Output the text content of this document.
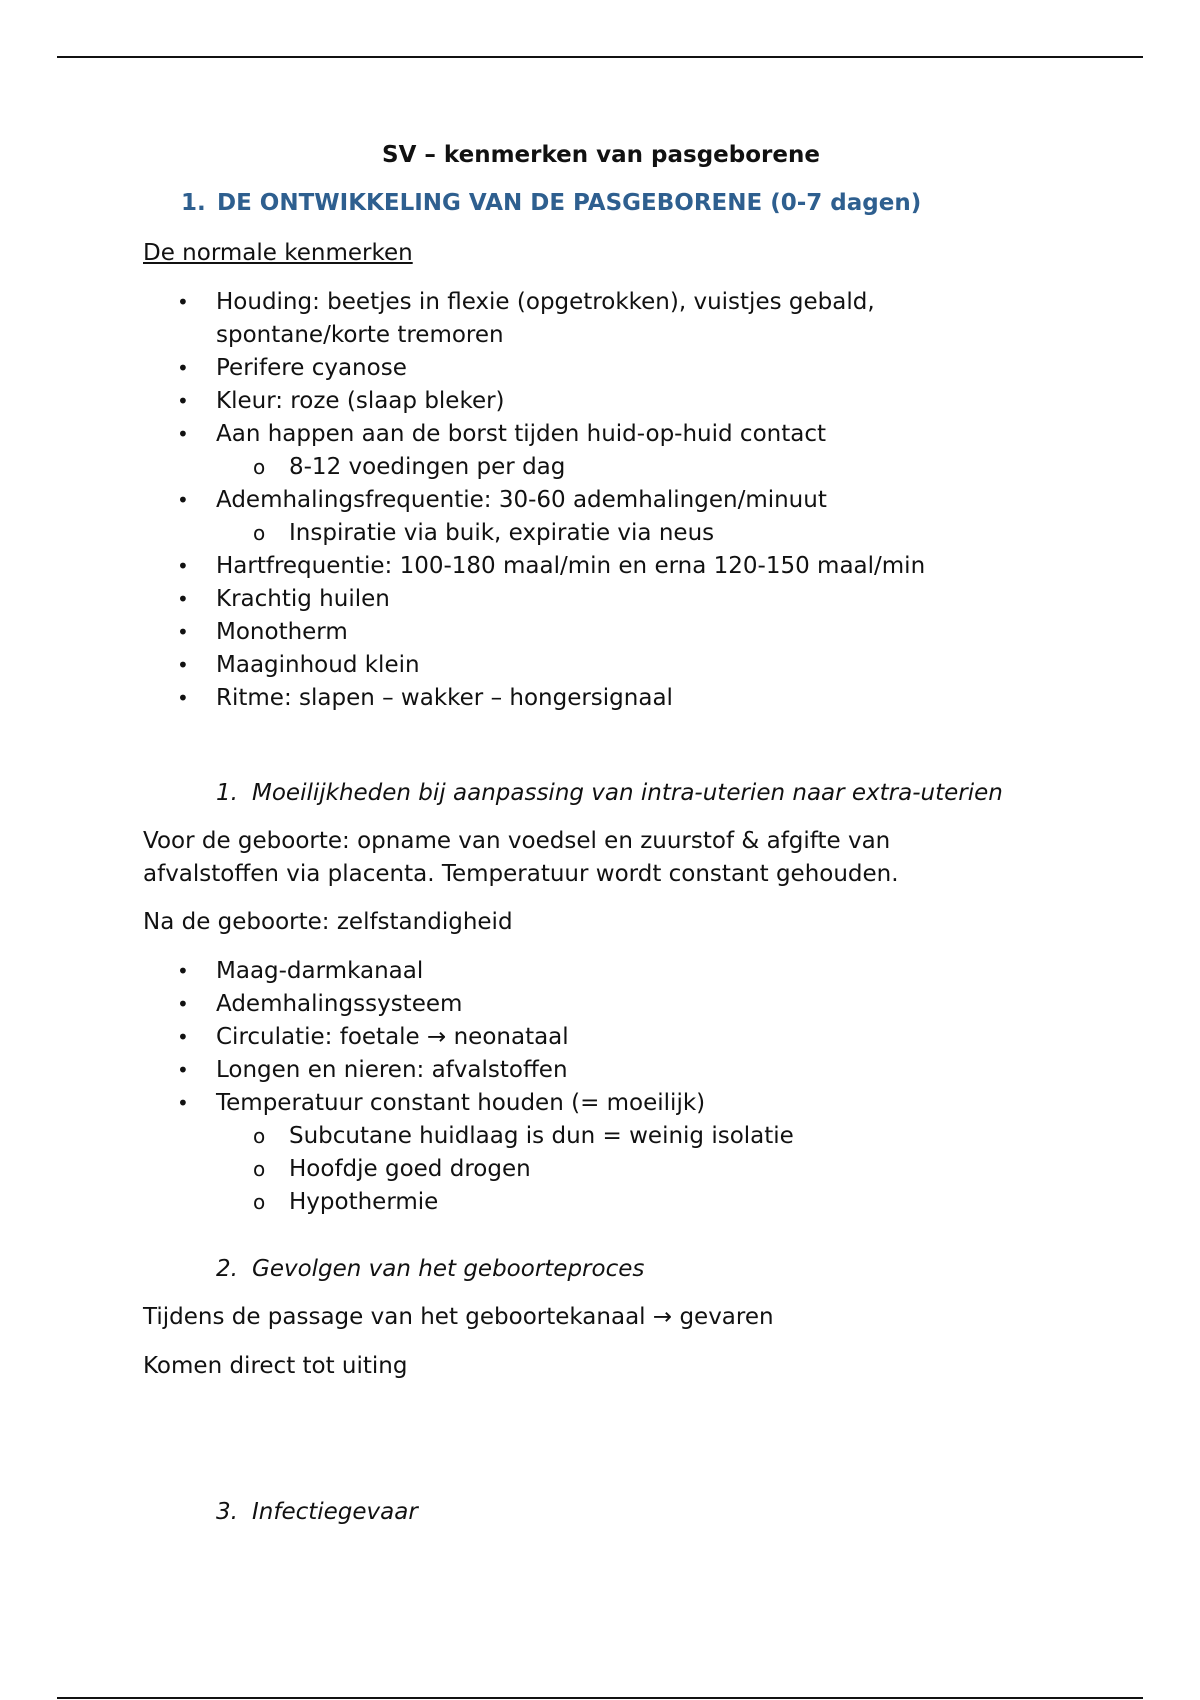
SV – kenmerken van pasgeborene
1. DE ONTWIKKELING VAN DE PASGEBORENE (0-7 dagen)
De normale kenmerken
• Houding: beetjes in flexie (opgetrokken), vuistjes gebald,
spontane/korte tremoren
• Perifere cyanose
• Kleur: roze (slaap bleker)
• Aan happen aan de borst tijden huid-op-huid contact
o 8-12 voedingen per dag
• Ademhalingsfrequentie: 30-60 ademhalingen/minuut
o Inspiratie via buik, expiratie via neus
• Hartfrequentie: 100-180 maal/min en erna 120-150 maal/min
• Krachtig huilen
• Monotherm
• Maaginhoud klein
• Ritme: slapen – wakker – hongersignaal
1. Moeilijkheden bij aanpassing van intra-uterien naar extra-uterien
Voor de geboorte: opname van voedsel en zuurstof & afgifte van
afvalstoffen via placenta. Temperatuur wordt constant gehouden.
Na de geboorte: zelfstandigheid
• Maag-darmkanaal
• Ademhalingssysteem
• Circulatie: foetale → neonataal
• Longen en nieren: afvalstoffen
• Temperatuur constant houden (= moeilijk)
o Subcutane huidlaag is dun = weinig isolatie
o Hoofdje goed drogen
o Hypothermie
2. Gevolgen van het geboorteproces
Tijdens de passage van het geboortekanaal → gevaren
Komen direct tot uiting
3. Infectiegevaar
